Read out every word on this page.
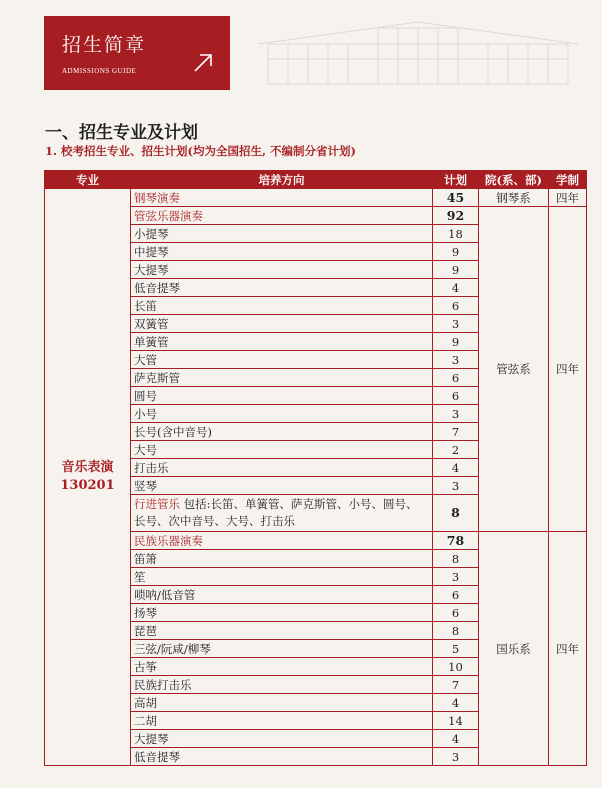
招生简章
ADMISSIONS GUIDE
一、招生专业及计划
1. 校考招生专业、招生计划(均为全国招生, 不编制分省计划)
专业	培养方向	计划	院(系、部)	学制

音乐表演
130201	钢琴演奏	45	钢琴系	四年
	管弦乐器演奏	92	管弦系	四年
	小提琴	18		
	中提琴	9		
	大提琴	9		
	低音提琴	4		
	长笛	6		
	双簧管	3		
	单簧管	9		
	大管	3		
	萨克斯管	6		
	圆号	6		
	小号	3		
	长号(含中音号)	7		
	大号	2		
	打击乐	4		
	竖琴	3		
	行进管乐 包括:长笛、单簧管、萨克斯管、小号、圆号、长号、次中音号、大号、打击乐	8		
	民族乐器演奏	78	国乐系	四年
	笛箫	8		
	笙	3		
	唢呐/低音管	6		
	扬琴	6		
	琵琶	8		
	三弦/阮咸/柳琴	5		
	古筝	10		
	民族打击乐	7		
	高胡	4		
	二胡	14		
	大提琴	4		
	低音提琴	3		
